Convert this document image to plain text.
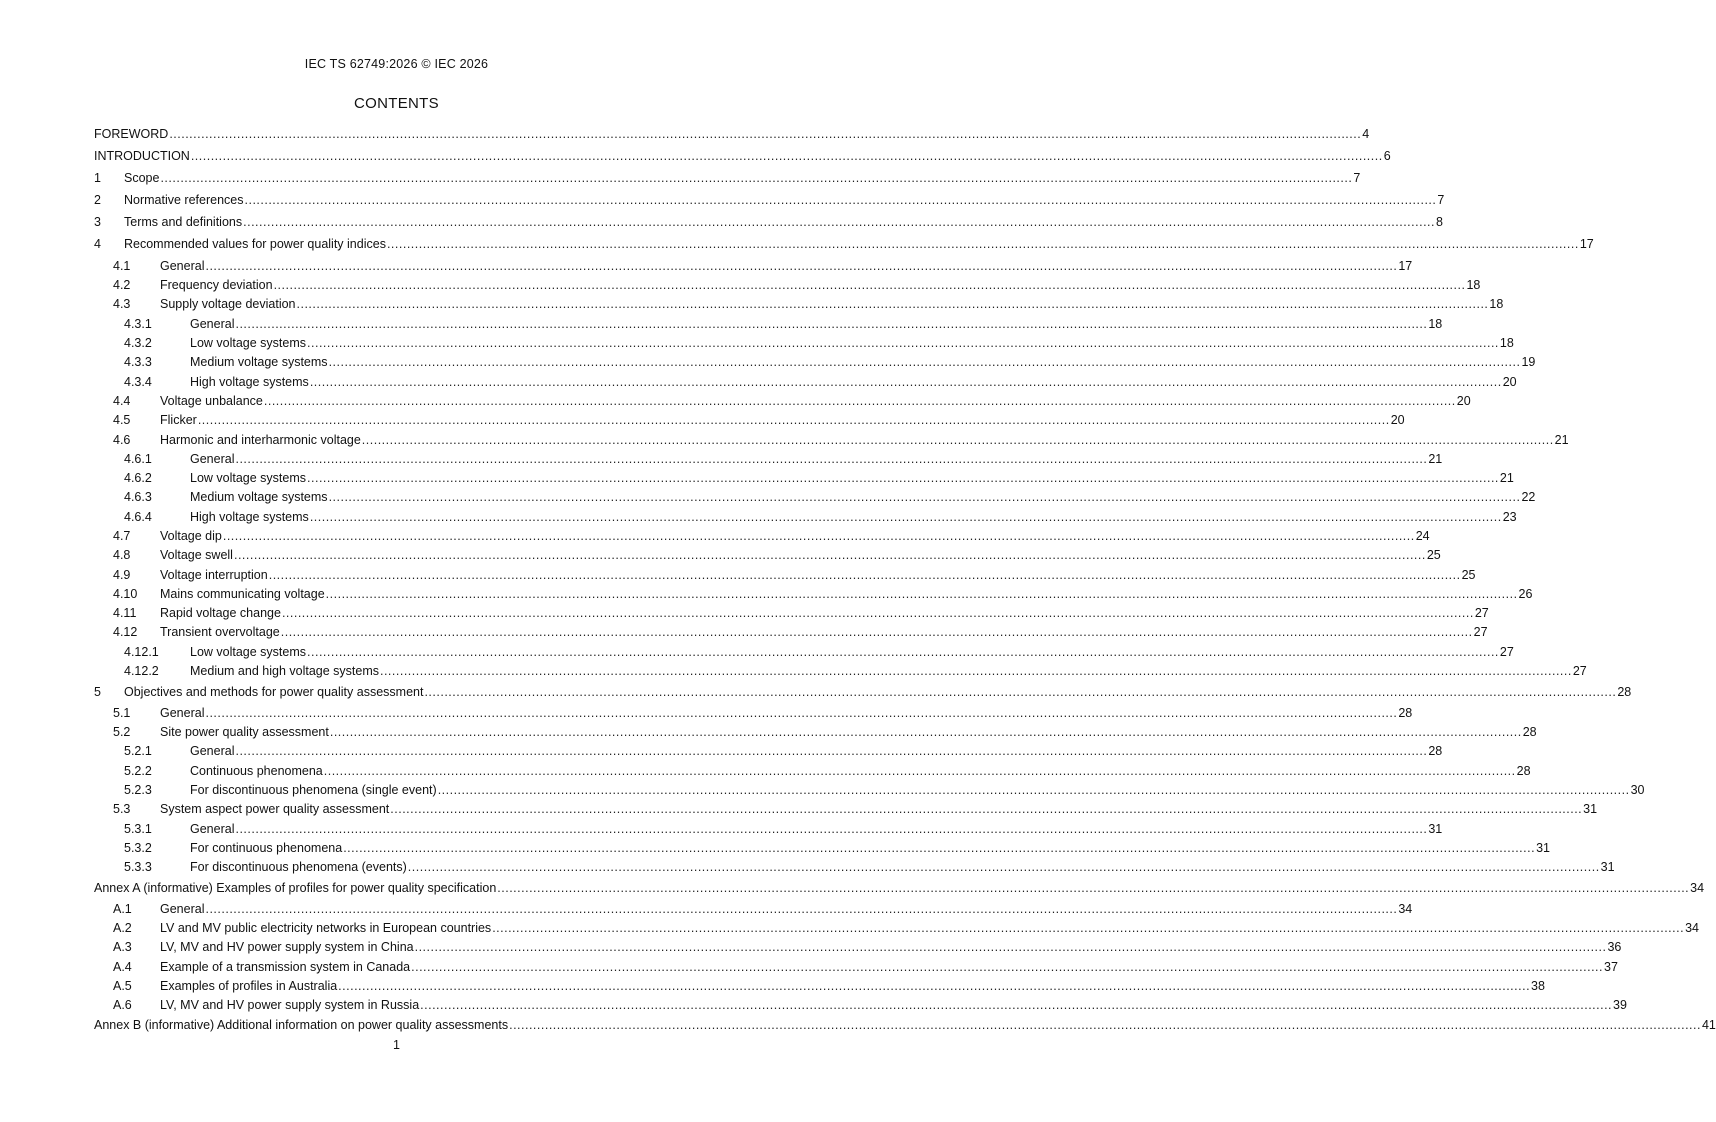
IEC TS 62749:2026 © IEC 2026
CONTENTS
FOREWORD ............................................................................................................................................................................................................................................................................................................ 4
INTRODUCTION ............................................................................................................................................................................................................................................................................................................ 6
1 Scope ............................................................................................................................................................................................................................................................................................................ 7
2 Normative references ............................................................................................................................................................................................................................................................................................................ 7
3 Terms and definitions ............................................................................................................................................................................................................................................................................................................ 8
4 Recommended values for power quality indices ............................................................................................................................................................................................................................................................................................................ 17
4.1 General ............................................................................................................................................................................................................................................................................................................ 17
4.2 Frequency deviation ............................................................................................................................................................................................................................................................................................................ 18
4.3 Supply voltage deviation ............................................................................................................................................................................................................................................................................................................ 18
4.3.1	General ............................................................................................................................................................................................................................................................................................................ 18
4.3.2	Low voltage systems ............................................................................................................................................................................................................................................................................................................ 18
4.3.3	Medium voltage systems ............................................................................................................................................................................................................................................................................................................ 19
4.3.4	High voltage systems ............................................................................................................................................................................................................................................................................................................ 20
4.4 Voltage unbalance ............................................................................................................................................................................................................................................................................................................ 20
4.5 Flicker ............................................................................................................................................................................................................................................................................................................ 20
4.6 Harmonic and interharmonic voltage ............................................................................................................................................................................................................................................................................................................ 21
4.6.1	General ............................................................................................................................................................................................................................................................................................................ 21
4.6.2	Low voltage systems ............................................................................................................................................................................................................................................................................................................ 21
4.6.3	Medium voltage systems ............................................................................................................................................................................................................................................................................................................ 22
4.6.4	High voltage systems ............................................................................................................................................................................................................................................................................................................ 23
4.7 Voltage dip ............................................................................................................................................................................................................................................................................................................ 24
4.8 Voltage swell ............................................................................................................................................................................................................................................................................................................ 25
4.9 Voltage interruption ............................................................................................................................................................................................................................................................................................................ 25
4.10 Mains communicating voltage ............................................................................................................................................................................................................................................................................................................ 26
4.11 Rapid voltage change ............................................................................................................................................................................................................................................................................................................ 27
4.12 Transient overvoltage ............................................................................................................................................................................................................................................................................................................ 27
4.12.1 Low voltage systems ............................................................................................................................................................................................................................................................................................................ 27
4.12.2 Medium and high voltage systems ............................................................................................................................................................................................................................................................................................................ 27
5 Objectives and methods for power quality assessment ............................................................................................................................................................................................................................................................................................................ 28
5.1 General ............................................................................................................................................................................................................................................................................................................ 28
5.2 Site power quality assessment ............................................................................................................................................................................................................................................................................................................ 28
5.2.1	General ............................................................................................................................................................................................................................................................................................................ 28
5.2.2	Continuous phenomena ............................................................................................................................................................................................................................................................................................................ 28
5.2.3	For discontinuous phenomena (single event) ............................................................................................................................................................................................................................................................................................................ 30
5.3 System aspect power quality assessment ............................................................................................................................................................................................................................................................................................................ 31
5.3.1	General ............................................................................................................................................................................................................................................................................................................ 31
5.3.2	For continuous phenomena ............................................................................................................................................................................................................................................................................................................ 31
5.3.3	For discontinuous phenomena (events) ............................................................................................................................................................................................................................................................................................................ 31
Annex A (informative) Examples of profiles for power quality specification ............................................................................................................................................................................................................................................................................................................ 34
A.1 General ............................................................................................................................................................................................................................................................................................................ 34
A.2 LV and MV public electricity networks in European countries ............................................................................................................................................................................................................................................................................................................ 34
A.3 LV, MV and HV power supply system in China ............................................................................................................................................................................................................................................................................................................ 36
A.4 Example of a transmission system in Canada ............................................................................................................................................................................................................................................................................................................ 37
A.5 Examples of profiles in Australia ............................................................................................................................................................................................................................................................................................................ 38
A.6 LV, MV and HV power supply system in Russia ............................................................................................................................................................................................................................................................................................................ 39
Annex B (informative) Additional information on power quality assessments ............................................................................................................................................................................................................................................................................................................ 41
1
